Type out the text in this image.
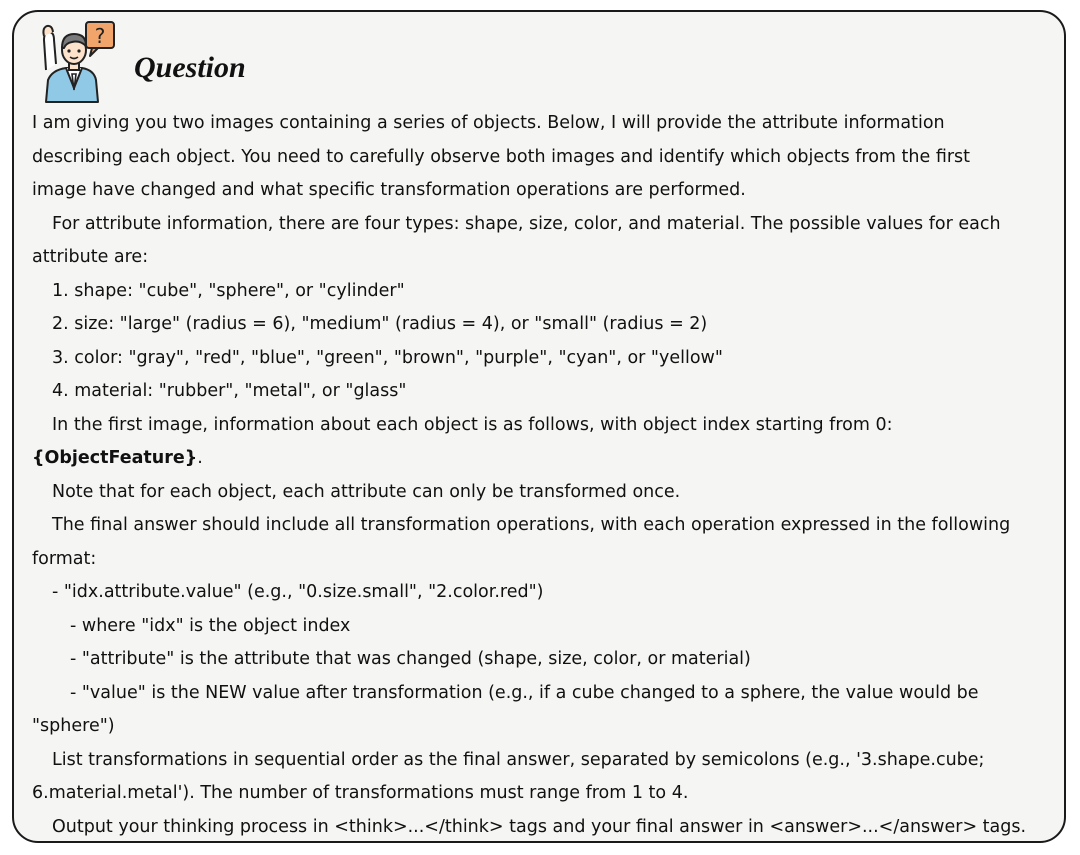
?
Question
I am giving you two images containing a series of objects. Below, I will provide the attribute information
describing each object. You need to carefully observe both images and identify which objects from the first
image have changed and what specific transformation operations are performed.
For attribute information, there are four types: shape, size, color, and material. The possible values for each
attribute are:
1. shape: "cube", "sphere", or "cylinder"
2. size: "large" (radius = 6), "medium" (radius = 4), or "small" (radius = 2)
3. color: "gray", "red", "blue", "green", "brown", "purple", "cyan", or "yellow"
4. material: "rubber", "metal", or "glass"
In the first image, information about each object is as follows, with object index starting from 0:
{ObjectFeature}.
Note that for each object, each attribute can only be transformed once.
The final answer should include all transformation operations, with each operation expressed in the following
format:
- "idx.attribute.value" (e.g., "0.size.small", "2.color.red")
- where "idx" is the object index
- "attribute" is the attribute that was changed (shape, size, color, or material)
- "value" is the NEW value after transformation (e.g., if a cube changed to a sphere, the value would be
"sphere")
List transformations in sequential order as the final answer, separated by semicolons (e.g., '3.shape.cube;
6.material.metal'). The number of transformations must range from 1 to 4.
Output your thinking process in <think>...</think> tags and your final answer in <answer>...</answer> tags.
